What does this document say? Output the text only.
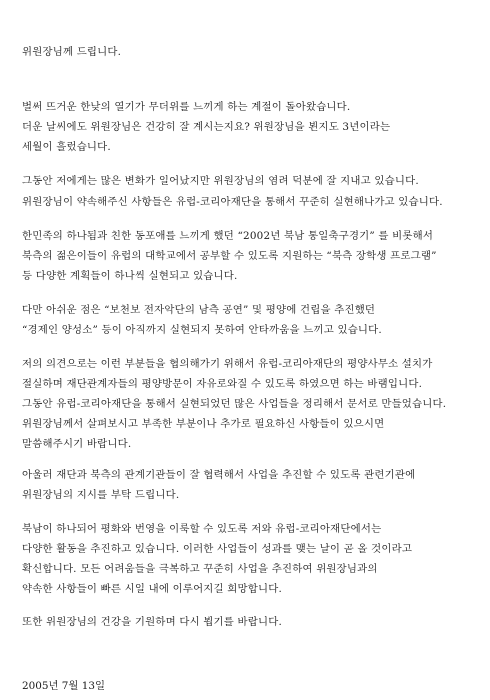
위원장님께 드립니다.
벌써 뜨거운 한낮의 열기가 무더위를 느끼게 하는 계절이 돌아왔습니다.
더운 날씨에도 위원장님은 건강히 잘 계시는지요? 위원장님을 뵌지도 3년이라는
세월이 흘렀습니다.
그동안 저에게는 많은 변화가 일어났지만 위원장님의 염려 덕분에 잘 지내고 있습니다.
위원장님이 약속해주신 사항들은 유럽-코리아재단을 통해서 꾸준히 실현해나가고 있습니다.
한민족의 하나됨과 친한 동포애를 느끼게 했던 “2002년 북남 통일축구경기” 를 비롯해서
북측의 젊은이들이 유럽의 대학교에서 공부할 수 있도록 지원하는 “북측 장학생 프로그램”
등 다양한 계획들이 하나씩 실현되고 있습니다.
다만 아쉬운 점은 “보천보 전자악단의 남측 공연” 및 평양에 건립을 추진했던
“경제인 양성소” 등이 아직까지 실현되지 못하여 안타까움을 느끼고 있습니다.
저의 의견으로는 이런 부분들을 협의해가기 위해서 유럽-코리아재단의 평양사무소 설치가
절실하며 재단관계자들의 평양방문이 자유로와질 수 있도록 하였으면 하는 바램입니다.
그동안 유럽-코리아재단을 통해서 실현되었던 많은 사업들을 정리해서 문서로 만들었습니다.
위원장님께서 살펴보시고 부족한 부분이나 추가로 필요하신 사항들이 있으시면
말씀해주시기 바랍니다.
아울러 재단과 북측의 관계기관들이 잘 협력해서 사업을 추진할 수 있도록 관련기관에
위원장님의 지시를 부탁 드립니다.
북남이 하나되어 평화와 번영을 이룩할 수 있도록 저와 유럽-코리아재단에서는
다양한 활동을 추진하고 있습니다. 이러한 사업들이 성과를 맺는 날이 곧 올 것이라고
확신합니다. 모든 어려움들을 극복하고 꾸준히 사업을 추진하여 위원장님과의
약속한 사항들이 빠른 시일 내에 이루어지길 희망합니다.
또한 위원장님의 건강을 기원하며 다시 뵙기를 바랍니다.
2005년 7월 13일
